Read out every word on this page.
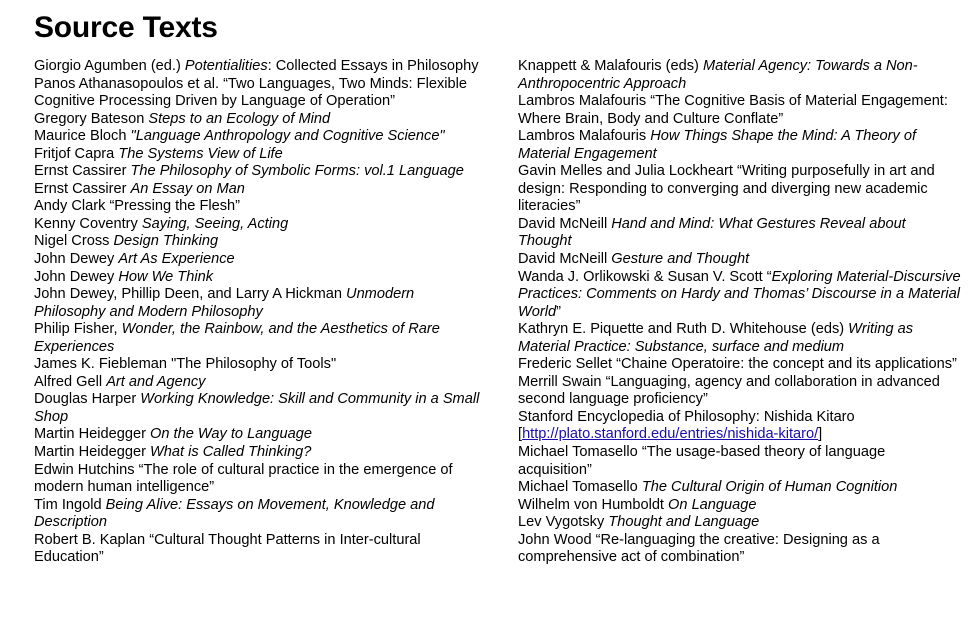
Source Texts
Giorgio Agumben (ed.) Potentialities: Collected Essays in Philosophy
Panos Athanasopoulos et al. “Two Languages, Two Minds: Flexible Cognitive Processing Driven by Language of Operation”
Gregory Bateson Steps to an Ecology of Mind
Maurice Bloch "Language Anthropology and Cognitive Science"
Fritjof Capra The Systems View of Life
Ernst Cassirer The Philosophy of Symbolic Forms: vol.1 Language
Ernst Cassirer An Essay on Man
Andy Clark “Pressing the Flesh”
Kenny Coventry Saying, Seeing, Acting
Nigel Cross Design Thinking
John Dewey Art As Experience
John Dewey How We Think
John Dewey, Phillip Deen, and Larry A Hickman Unmodern Philosophy and Modern Philosophy
Philip Fisher, Wonder, the Rainbow, and the Aesthetics of Rare Experiences
James K. Fiebleman "The Philosophy of Tools"
Alfred Gell Art and Agency
Douglas Harper Working Knowledge: Skill and Community in a Small Shop
Martin Heidegger On the Way to Language
Martin Heidegger What is Called Thinking?
Edwin Hutchins “The role of cultural practice in the emergence of modern human intelligence”
Tim Ingold Being Alive: Essays on Movement, Knowledge and Description
Robert B. Kaplan “Cultural Thought Patterns in Inter-cultural Education”
Knappett & Malafouris (eds) Material Agency: Towards a Non-Anthropocentric Approach
Lambros Malafouris “The Cognitive Basis of Material Engagement: Where Brain, Body and Culture Conflate”
Lambros Malafouris How Things Shape the Mind: A Theory of Material Engagement
Gavin Melles and Julia Lockheart “Writing purposefully in art and design: Responding to converging and diverging new academic literacies”
David McNeill Hand and Mind: What Gestures Reveal about Thought
David McNeill Gesture and Thought
Wanda J. Orlikowski & Susan V. Scott “Exploring Material-Discursive Practices: Comments on Hardy and Thomas’ Discourse in a Material World”
Kathryn E. Piquette and Ruth D. Whitehouse (eds) Writing as Material Practice: Substance, surface and medium
Frederic Sellet “Chaine Operatoire: the concept and its applications”
Merrill Swain “Languaging, agency and collaboration in advanced second language proficiency”
Stanford Encyclopedia of Philosophy: Nishida Kitaro [http://plato.stanford.edu/entries/nishida-kitaro/]
Michael Tomasello “The usage-based theory of language acquisition”
Michael Tomasello The Cultural Origin of Human Cognition
Wilhelm von Humboldt On Language
Lev Vygotsky Thought and Language
John Wood “Re-languaging the creative: Designing as a comprehensive act of combination”
